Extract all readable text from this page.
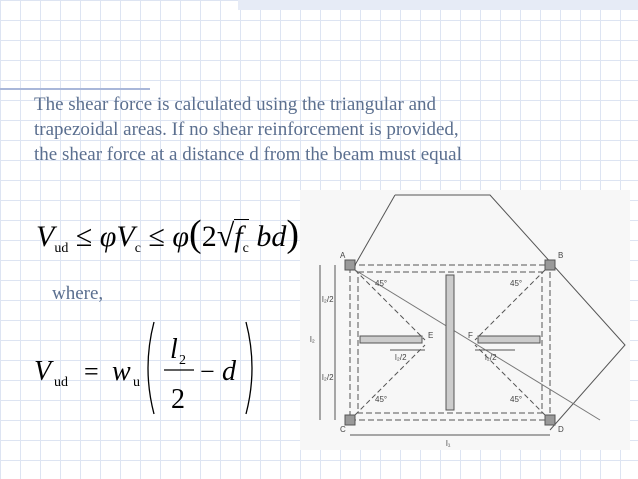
The shear force is calculated using the triangular and
trapezoidal areas. If no shear reinforcement is provided,
the shear force at a distance d from the beam must equal
$V_{ud} \le \varphi V_c \le \varphi(2√f_c$ bd)
where,
V ud = w u
l 2
2
− d
A	B
C	D
E	F
45°	45°
45°	45°
l₂/2
l₂
l₂/2
l₂/2	l₂/2
l₁
